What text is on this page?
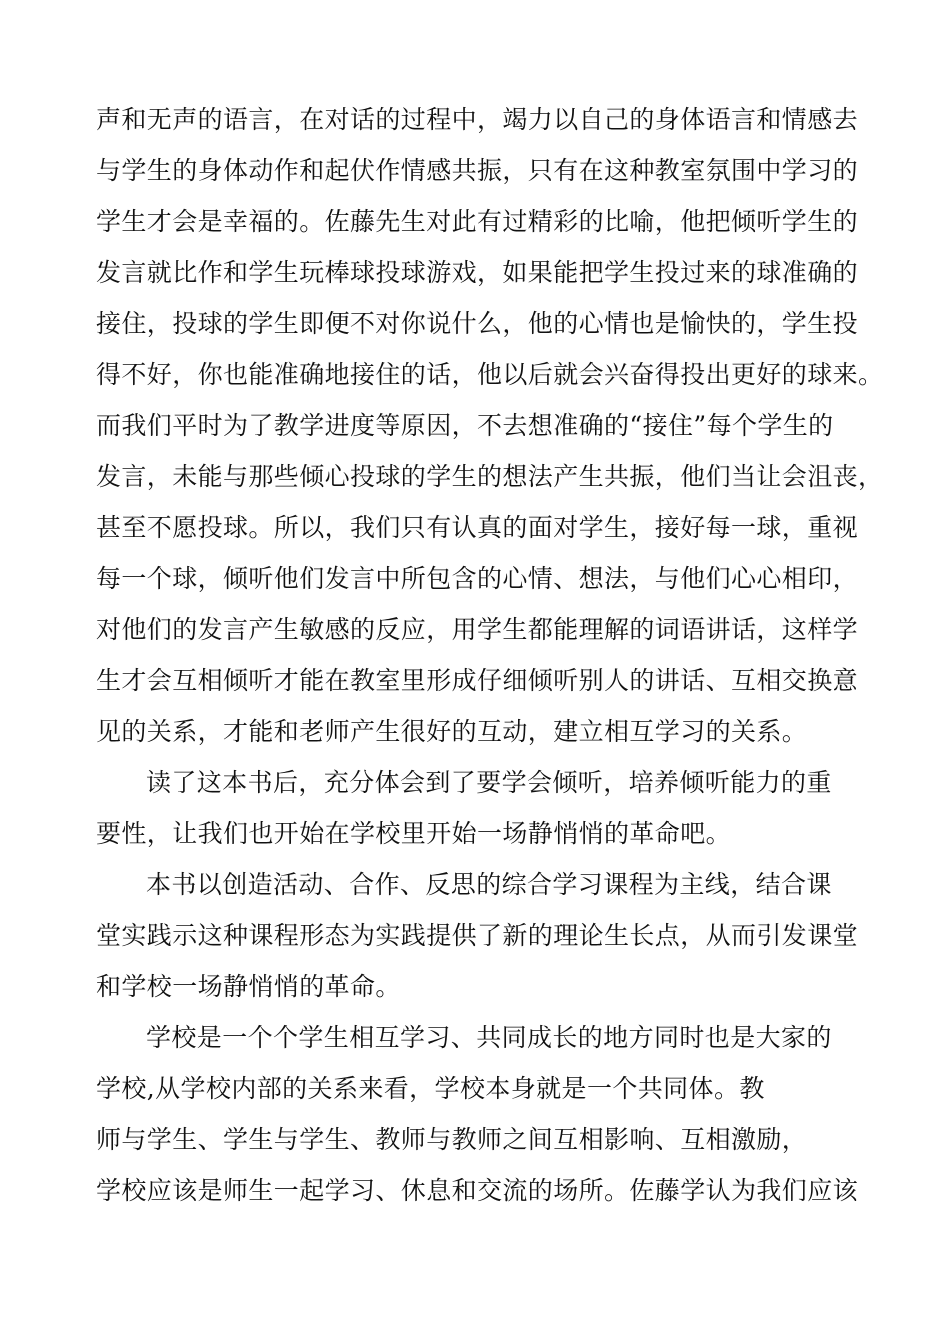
声和无声的语言，在对话的过程中，竭力以自己的身体语言和情感去
与学生的身体动作和起伏作情感共振，只有在这种教室氛围中学习的
学生才会是幸福的。佐藤先生对此有过精彩的比喻，他把倾听学生的
发言就比作和学生玩棒球投球游戏，如果能把学生投过来的球准确的
接住，投球的学生即便不对你说什么，他的心情也是愉快的，学生投
得不好，你也能准确地接住的话，他以后就会兴奋得投出更好的球来。
而我们平时为了教学进度等原因，不去想准确的“接住”每个学生的
发言，未能与那些倾心投球的学生的想法产生共振，他们当让会沮丧，
甚至不愿投球。所以，我们只有认真的面对学生，接好每一球，重视
每一个球，倾听他们发言中所包含的心情、想法，与他们心心相印，
对他们的发言产生敏感的反应，用学生都能理解的词语讲话，这样学
生才会互相倾听才能在教室里形成仔细倾听别人的讲话、互相交换意
见的关系，才能和老师产生很好的互动，建立相互学习的关系。
读了这本书后，充分体会到了要学会倾听，培养倾听能力的重
要性，让我们也开始在学校里开始一场静悄悄的革命吧。
本书以创造活动、合作、反思的综合学习课程为主线，结合课
堂实践示这种课程形态为实践提供了新的理论生长点，从而引发课堂
和学校一场静悄悄的革命。
学校是一个个学生相互学习、共同成长的地方同时也是大家的
学校,从学校内部的关系来看，学校本身就是一个共同体。教
师与学生、学生与学生、教师与教师之间互相影响、互相激励，
学校应该是师生一起学习、休息和交流的场所。佐藤学认为我们应该
